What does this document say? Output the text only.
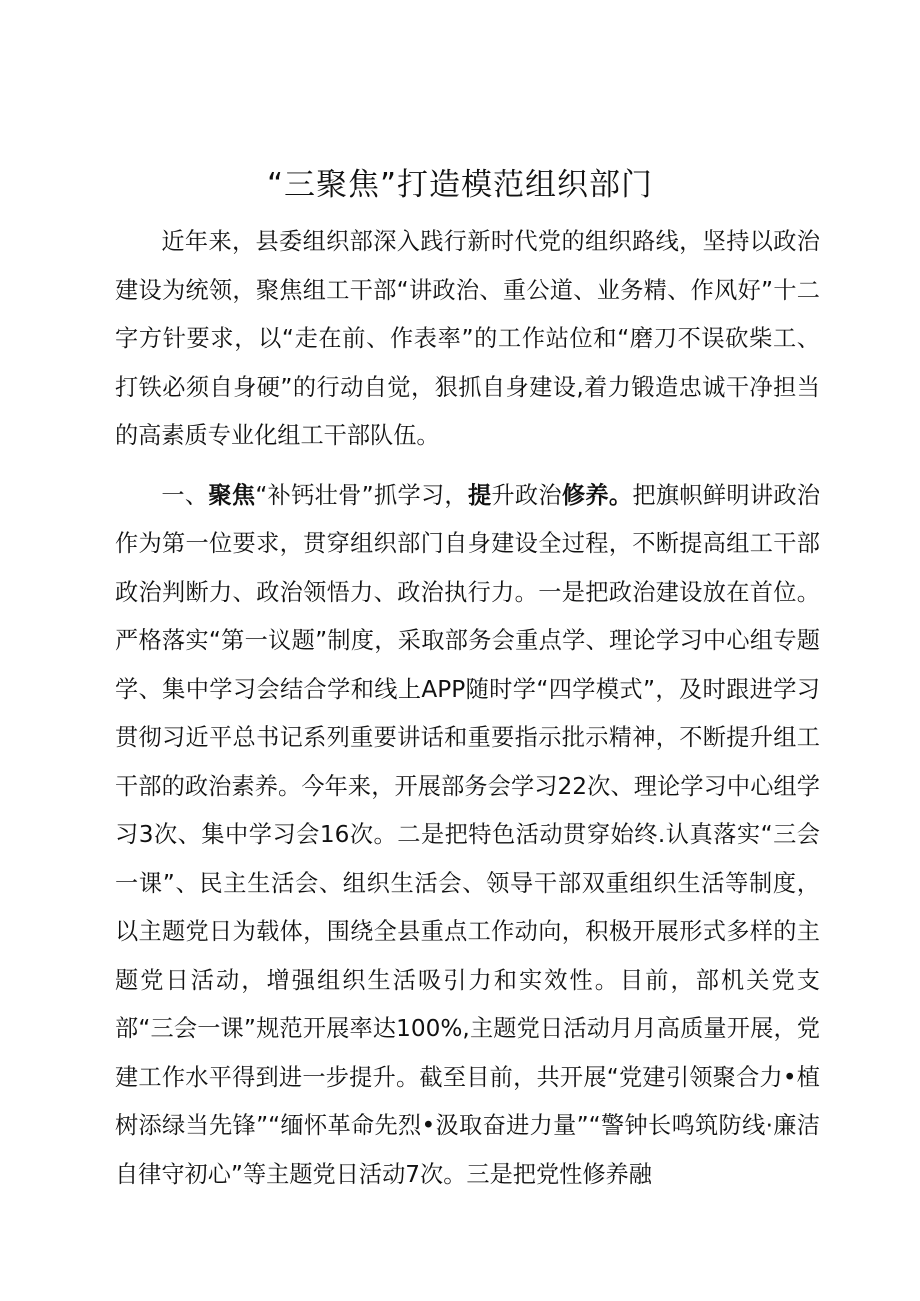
“三聚焦”打造模范组织部门

近年来，县委组织部深入践行新时代党的组织路线，坚持以政治建设为统领，聚焦组工干部“讲政治、重公道、业务精、作风好”十二字方针要求，以“走在前、作表率”的工作站位和“磨刀不误砍柴工、打铁必须自身硬”的行动自觉，狠抓自身建设,着力锻造忠诚干净担当的高素质专业化组工干部队伍。

一、聚焦“补钙壮骨”抓学习，提升政治修养。把旗帜鲜明讲政治作为第一位要求，贯穿组织部门自身建设全过程，不断提高组工干部政治判断力、政治领悟力、政治执行力。一是把政治建设放在首位。严格落实“第一议题”制度，采取部务会重点学、理论学习中心组专题学、集中学习会结合学和线上APP随时学“四学模式”，及时跟进学习贯彻习近平总书记系列重要讲话和重要指示批示精神，不断提升组工干部的政治素养。今年来，开展部务会学习22次、理论学习中心组学习3次、集中学习会16次。二是把特色活动贯穿始终.认真落实“三会一课”、民主生活会、组织生活会、领导干部双重组织生活等制度，以主题党日为载体，围绕全县重点工作动向，积极开展形式多样的主题党日活动，增强组织生活吸引力和实效性。目前，部机关党支部“三会一课”规范开展率达100%,主题党日活动月月高质量开展，党建工作水平得到进一步提升。截至目前，共开展“党建引领聚合力•植树添绿当先锋”“缅怀革命先烈•汲取奋进力量”“警钟长鸣筑防线·廉洁自律守初心”等主题党日活动7次。三是把党性修养融
